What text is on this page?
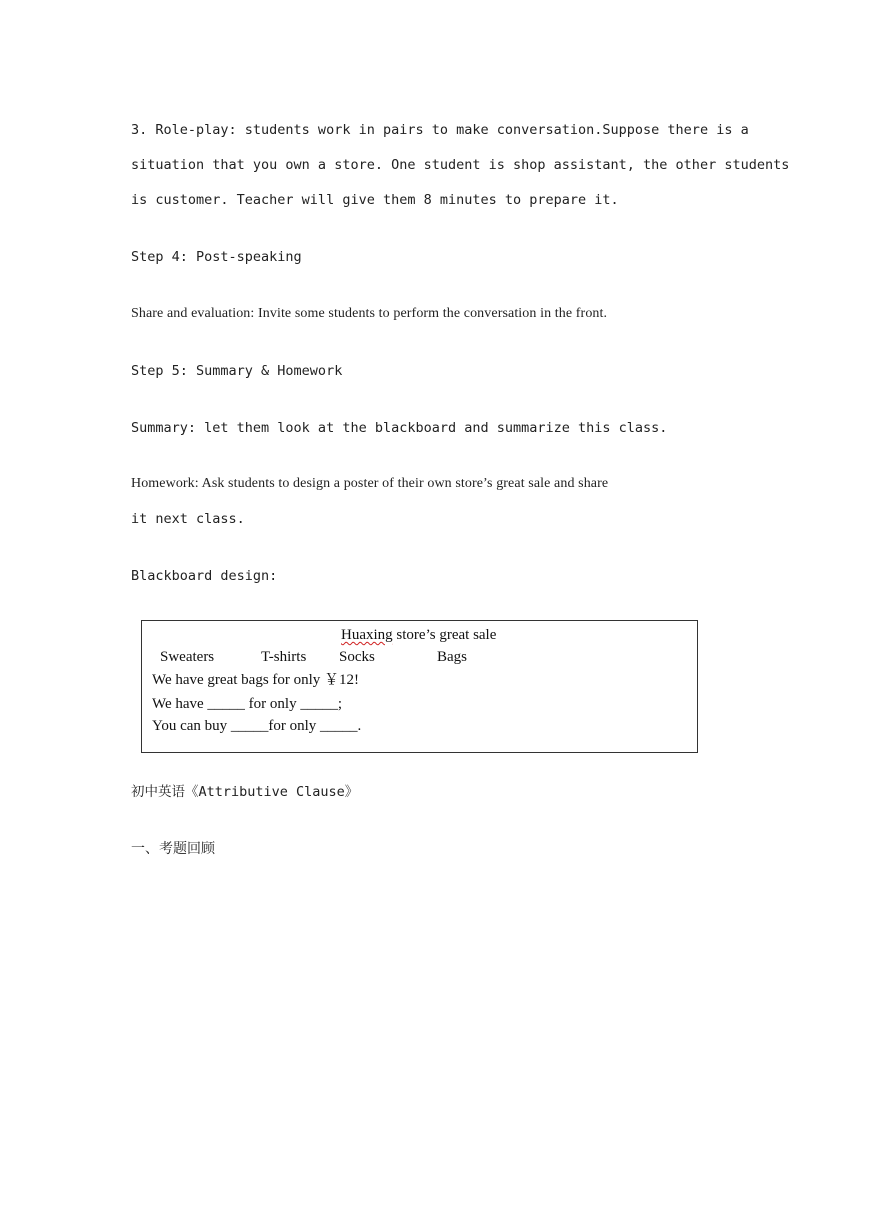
3. Role-play: students work in pairs to make conversation.Suppose there is a
situation that you own a store. One student is shop assistant, the other students
is customer. Teacher will give them 8 minutes to prepare it.
Step 4: Post-speaking
Share and evaluation: Invite some students to perform the conversation in the front.
Step 5: Summary & Homework
Summary: let them look at the blackboard and summarize this class.
Homework: Ask students to design a poster of their own store’s great sale and share
it next class.
Blackboard design:
Huaxing store’s great sale
Sweaters	T-shirts Socks	Bags
We have great bags for only ￥12!
We have _____ for only _____;
You can buy _____for only _____.
初中英语《Attributive Clause》
一、考题回顾
